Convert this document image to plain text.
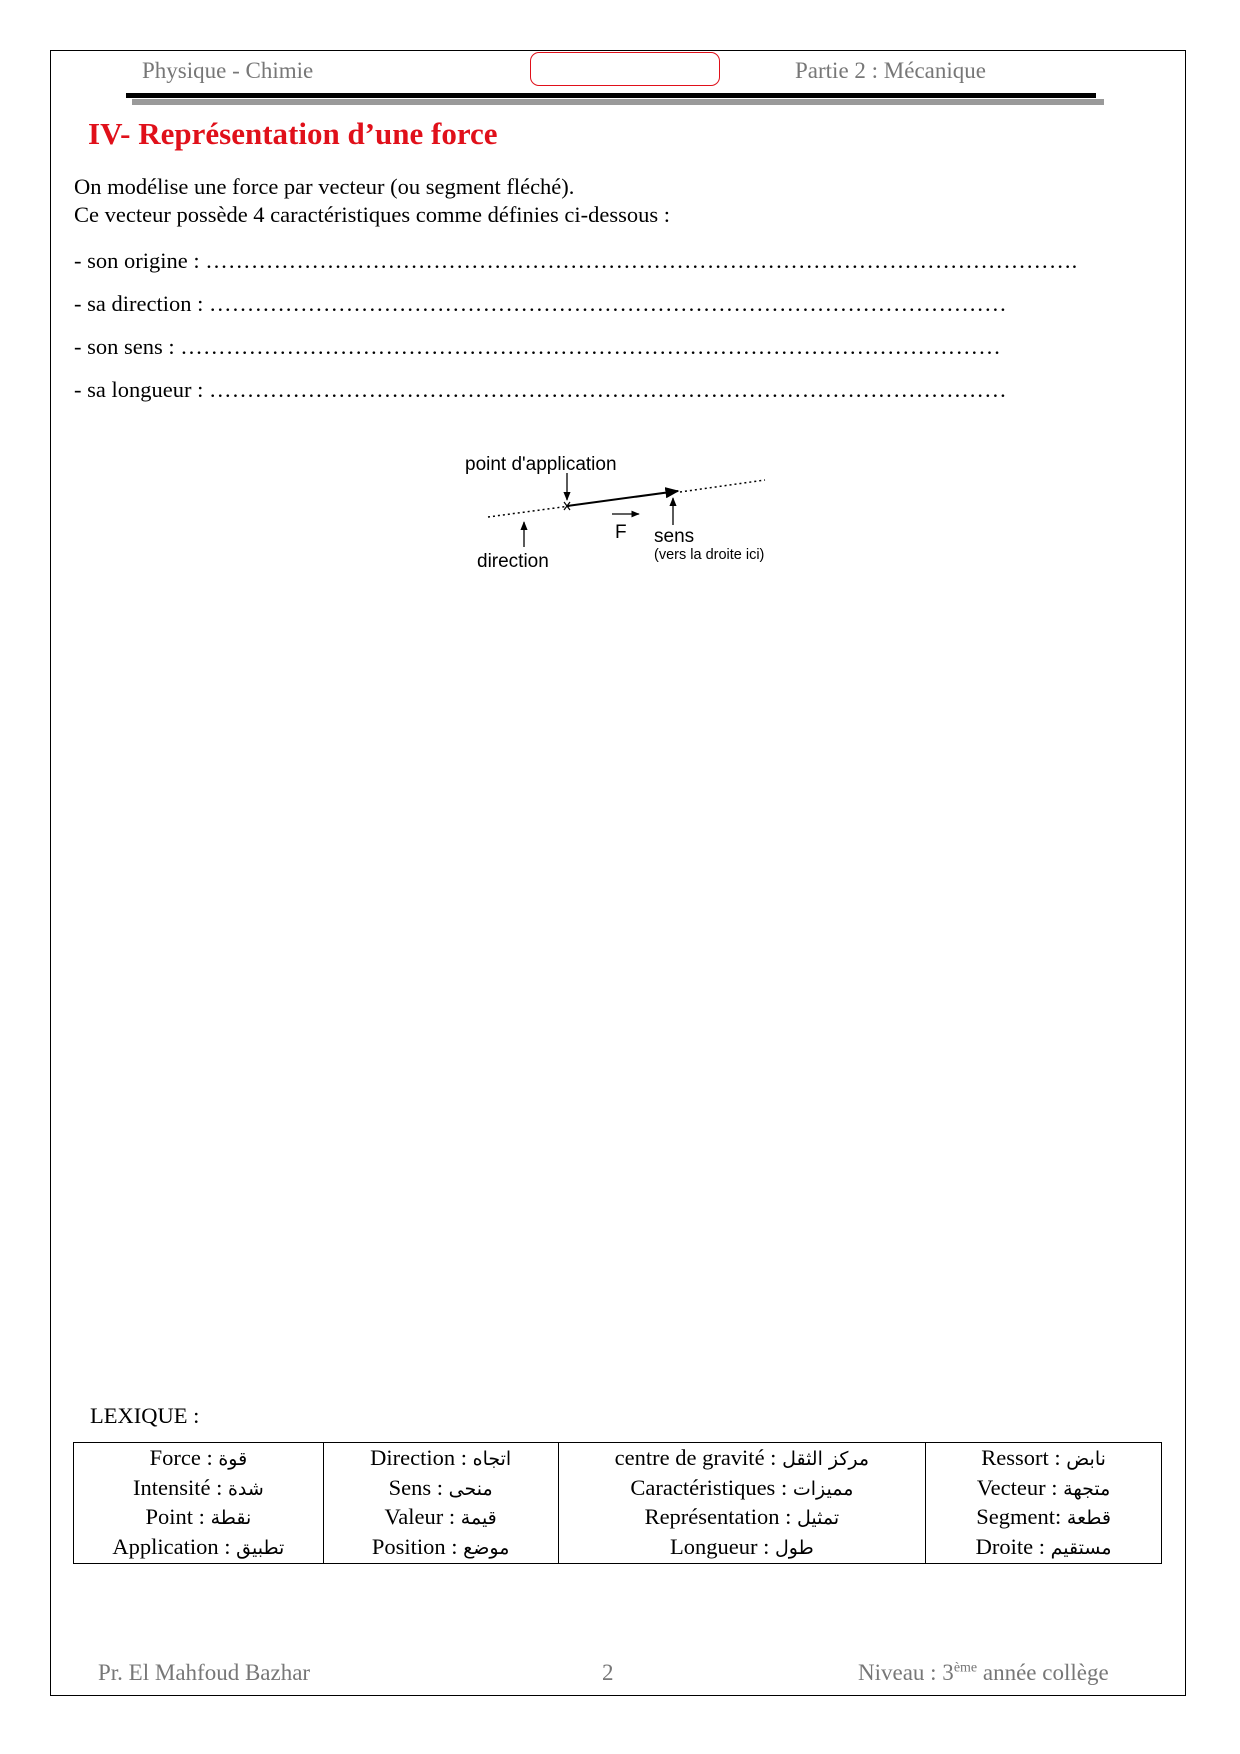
Physique - Chimie	Partie 2 : Mécanique
IV- Représentation d’une force
On modélise une force par vecteur (ou segment fléché).
Ce vecteur possède 4 caractéristiques comme définies ci-dessous :
- son origine : …………………………………………………………………………………………………….
- sa direction : ……………………………………………………………………………………………
- son sens : ………………………………………………………………………………………………
- sa longueur : ……………………………………………………………………………………………
point d'application
F
direction
sens
(vers la droite ici)
LEXIQUE :
Force : قوة
Intensité : شدة
Point : نقطة
Application : تطبيق

Direction : اتجاه
Sens : منحى
Valeur : قيمة
Position : موضع

centre de gravité : مركز الثقل
Caractéristiques : مميزات
Représentation : تمثيل
Longueur : طول

Ressort : نابض
Vecteur : متجهة
Segment: قطعة
Droite : مستقيم
Pr. El Mahfoud Bazhar	2	Niveau : 3ème année collège
